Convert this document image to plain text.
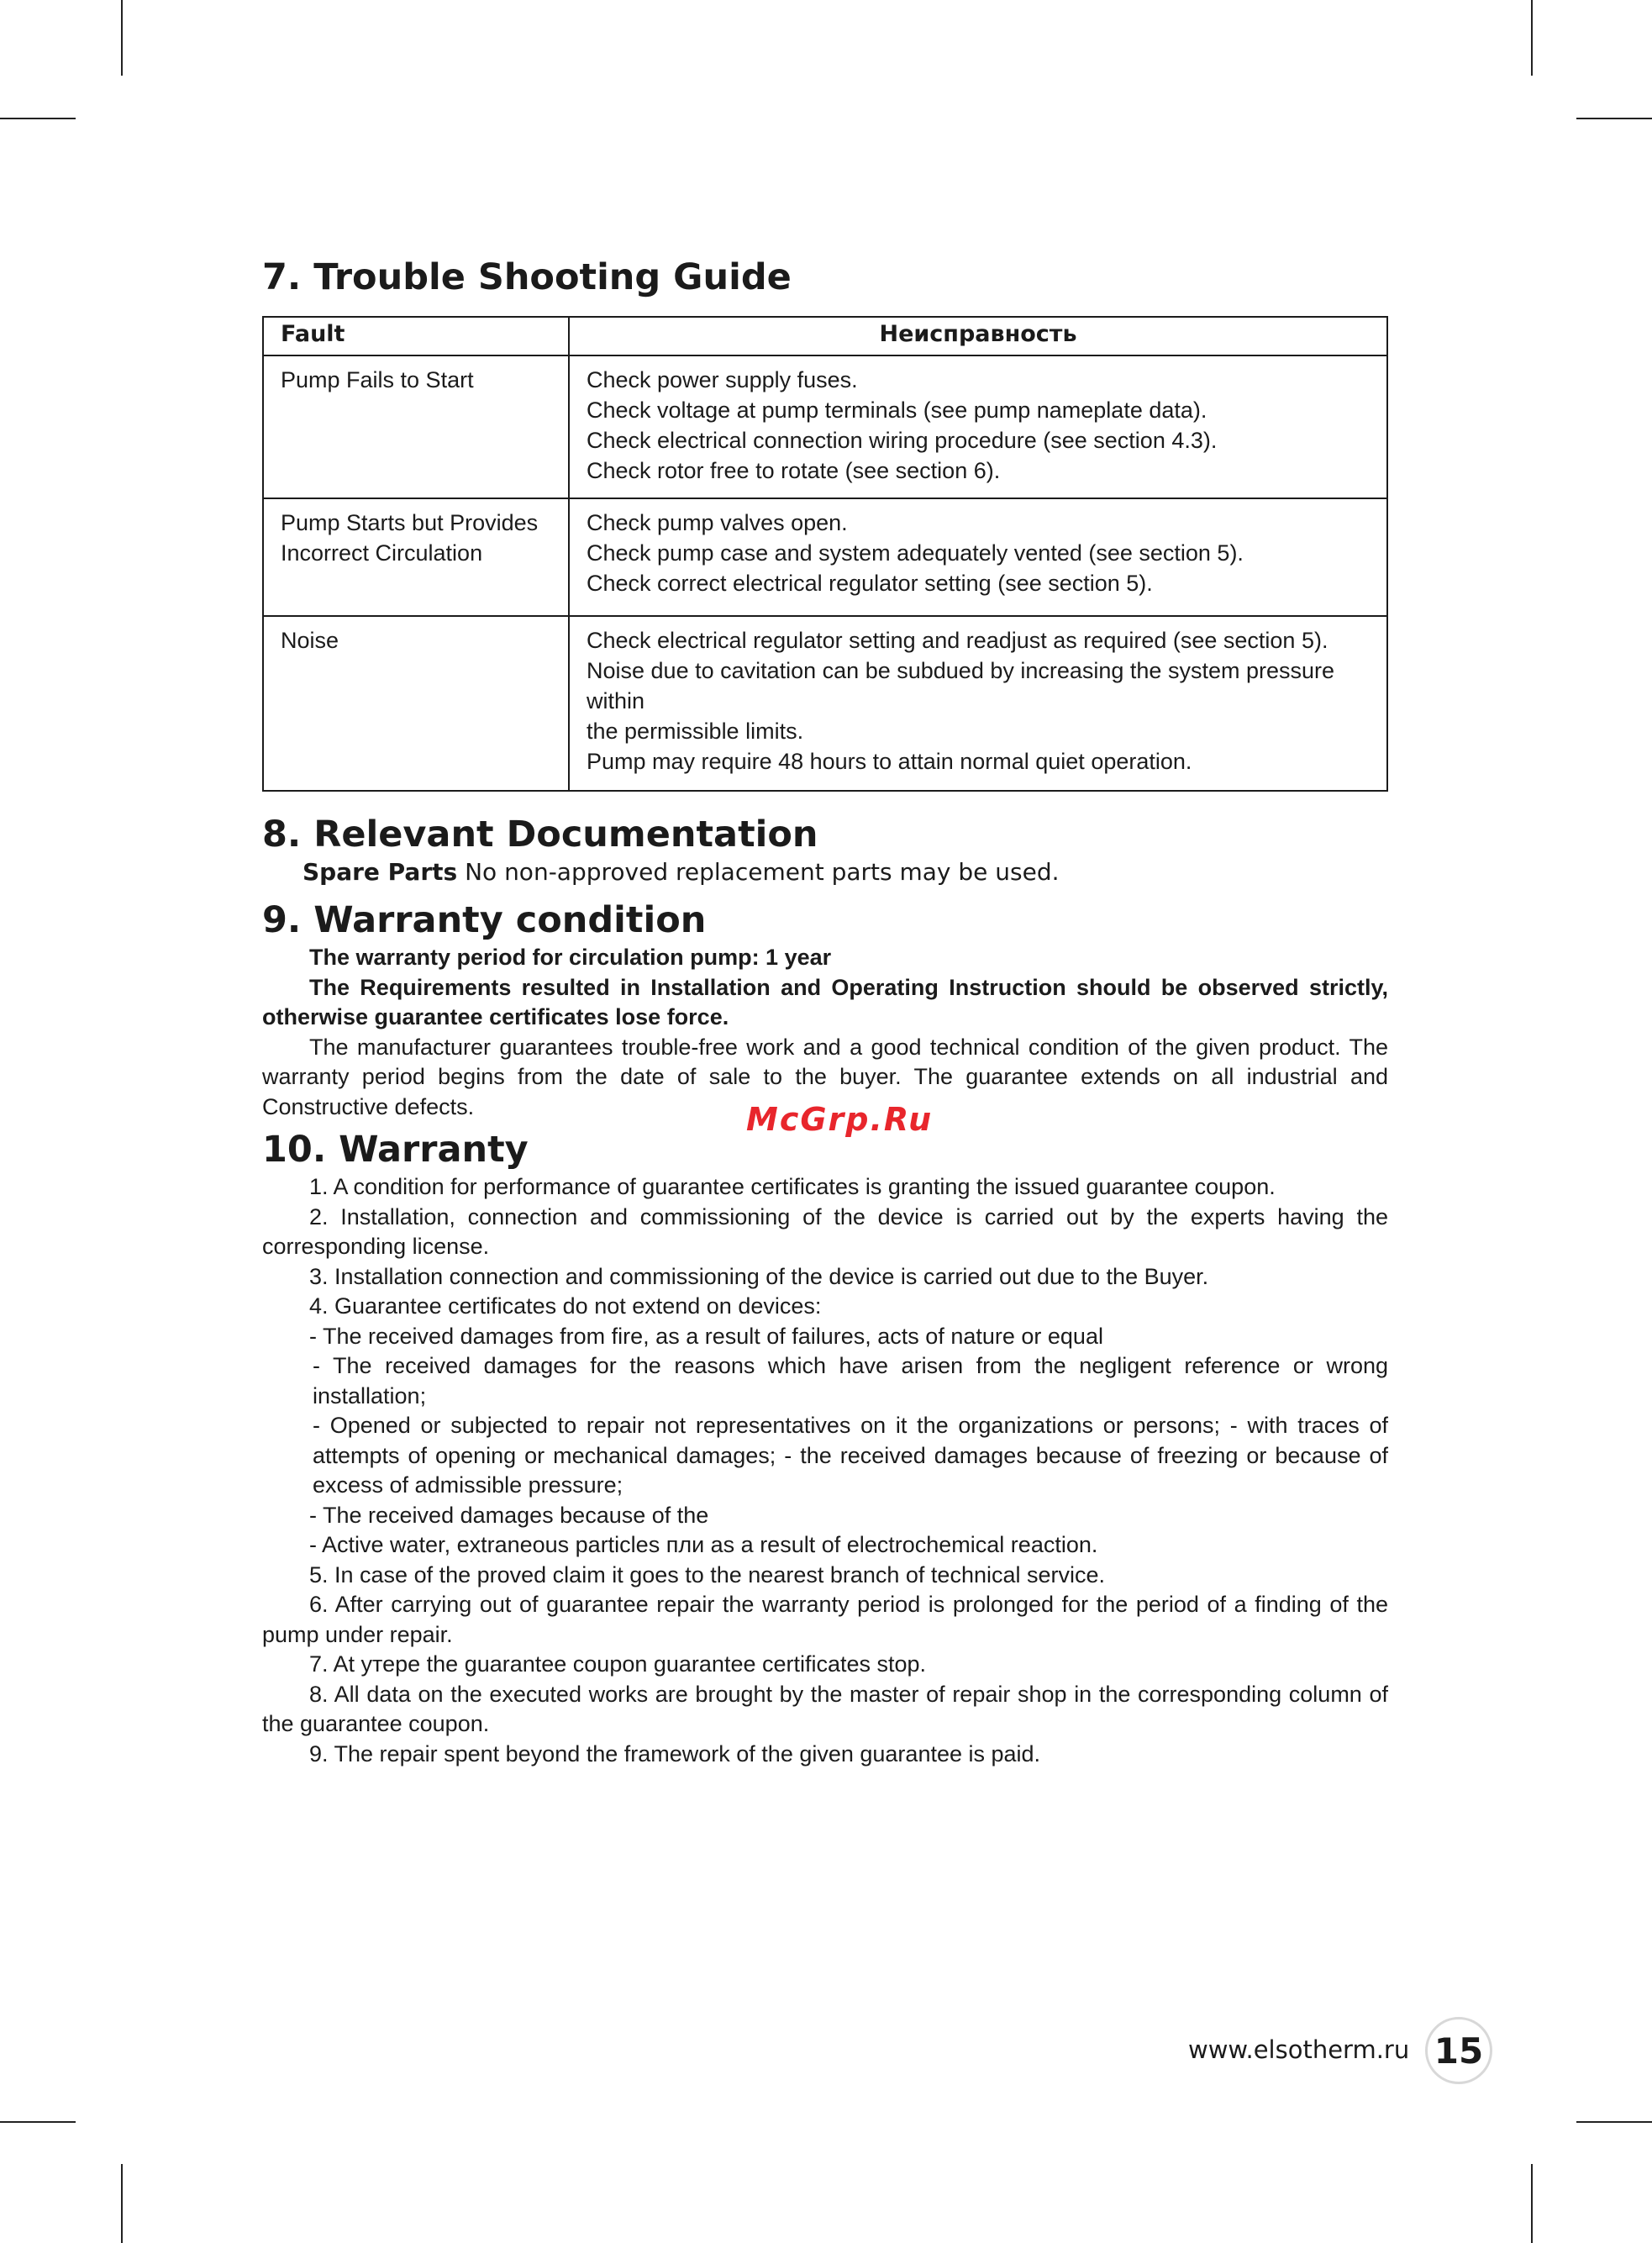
7. Trouble Shooting Guide
Fault	Неисправность

Pump Fails to Start	Check power supply fuses.
Check voltage at pump terminals (see pump nameplate data).
Check electrical connection wiring procedure (see section 4.3).
Check rotor free to rotate (see section 6).

Pump Starts but Provides
Incorrect Circulation	Check pump valves open.
Check pump case and system adequately vented (see section 5).
Check correct electrical regulator setting (see section 5).

Noise	Check electrical regulator setting and readjust as required (see section 5).
Noise due to cavitation can be subdued by increasing the system pressure within
the permissible limits.
Pump may require 48 hours to attain normal quiet operation.
8. Relevant Documentation
Spare Parts No non-approved replacement parts may be used.
9. Warranty condition

The warranty period for circulation pump: 1 year

The Requirements resulted in Installation and Operating Instruction should be observed strictly, otherwise guarantee certificates lose force.

The manufacturer guarantees trouble-free work and a good technical condition of the given product. The warranty period begins from the date of sale to the buyer. The guarantee extends on all industrial and Constructive defects.

10. Warranty

1. A condition for performance of guarantee certificates is granting the issued guarantee coupon.

2. Installation, connection and commissioning of the device is carried out by the experts having the corresponding license.

3. Installation connection and commissioning of the device is carried out due to the Buyer.

4. Guarantee certificates do not extend on devices:

- The received damages from fire, as a result of failures, acts of nature or equal

- The received damages for the reasons which have arisen from the negligent reference or wrong installation;

- Opened or subjected to repair not representatives on it the organizations or persons; - with traces of attempts of opening or mechanical damages; - the received damages because of freezing or because of excess of admissible pressure;

- The received damages because of the

- Active water, extraneous particles пли as a result of electrochemical reaction.

5. In case of the proved claim it goes to the nearest branch of technical service.

6. After carrying out of guarantee repair the warranty period is prolonged for the period of a finding of the pump under repair.

7. At утере the guarantee coupon guarantee certificates stop.

8. All data on the executed works are brought by the master of repair shop in the corresponding column of the guarantee coupon.

9. The repair spent beyond the framework of the given guarantee is paid.

McGrp.Ru
www.elsotherm.ru 15
